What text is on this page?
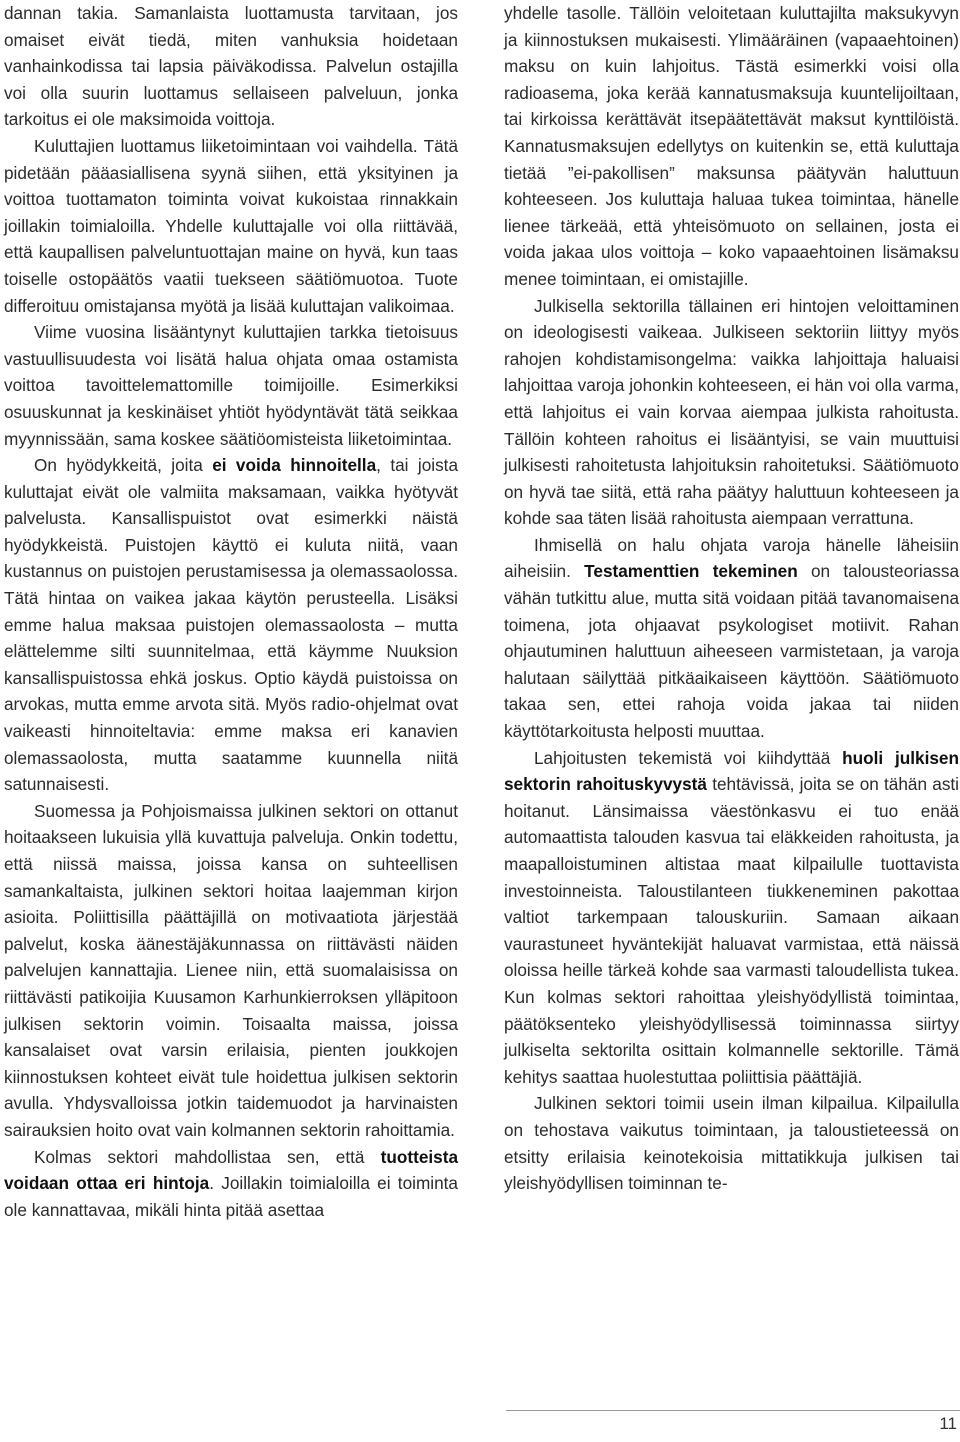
dannan takia. Samanlaista luottamusta tarvitaan, jos omaiset eivät tiedä, miten vanhuksia hoidetaan vanhainkodissa tai lapsia päiväkodissa. Palvelun ostajilla voi olla suurin luottamus sellaiseen palveluun, jonka tarkoitus ei ole maksimoida voittoja.

Kuluttajien luottamus liiketoimintaan voi vaihdella. Tätä pidetään pääasiallisena syynä siihen, että yksityinen ja voittoa tuottamaton toiminta voivat kukoistaa rinnakkain joillakin toimialoilla. Yhdelle kuluttajalle voi olla riittävää, että kaupallisen palveluntuottajan maine on hyvä, kun taas toiselle ostopäätös vaatii tuekseen säätiömuotoa. Tuote differoituu omistajansa myötä ja lisää kuluttajan valikoimaa.

Viime vuosina lisääntynyt kuluttajien tarkka tietoisuus vastuullisuudesta voi lisätä halua ohjata omaa ostamista voittoa tavoittelemattomille toimijoille. Esimerkiksi osuuskunnat ja keskinäiset yhtiöt hyödyntävät tätä seikkaa myynnissään, sama koskee säätiöomisteista liiketoimintaa.

On hyödykkeitä, joita ei voida hinnoitella, tai joista kuluttajat eivät ole valmiita maksamaan, vaikka hyötyvät palvelusta. Kansallispuistot ovat esimerkki näistä hyödykkeistä. Puistojen käyttö ei kuluta niitä, vaan kustannus on puistojen perustamisessa ja olemassaolossa. Tätä hintaa on vaikea jakaa käytön perusteella. Lisäksi emme halua maksaa puistojen olemassaolosta – mutta elättelemme silti suunnitelmaa, että käymme Nuuksion kansallispuistossa ehkä joskus. Optio käydä puistoissa on arvokas, mutta emme arvota sitä. Myös radio-ohjelmat ovat vaikeasti hinnoiteltavia: emme maksa eri kanavien olemassaolosta, mutta saatamme kuunnella niitä satunnaisesti.

Suomessa ja Pohjoismaissa julkinen sektori on ottanut hoitaakseen lukuisia yllä kuvattuja palveluja. Onkin todettu, että niissä maissa, joissa kansa on suhteellisen samankaltaista, julkinen sektori hoitaa laajemman kirjon asioita. Poliittisilla päättäjillä on motivaatiota järjestää palvelut, koska äänestäjäkunnassa on riittävästi näiden palvelujen kannattajia. Lienee niin, että suomalaisissa on riittävästi patikoijia Kuusamon Karhunkierroksen ylläpitoon julkisen sektorin voimin. Toisaalta maissa, joissa kansalaiset ovat varsin erilaisia, pienten joukkojen kiinnostuksen kohteet eivät tule hoidettua julkisen sektorin avulla. Yhdysvalloissa jotkin taidemuodot ja harvinaisten sairauksien hoito ovat vain kolmannen sektorin rahoittamia.

Kolmas sektori mahdollistaa sen, että tuotteista voidaan ottaa eri hintoja. Joillakin toimialoilla ei toiminta ole kannattavaa, mikäli hinta pitää asettaa

yhdelle tasolle. Tällöin veloitetaan kuluttajilta maksukyvyn ja kiinnostuksen mukaisesti. Ylimääräinen (vapaaehtoinen) maksu on kuin lahjoitus. Tästä esimerkki voisi olla radioasema, joka kerää kannatusmaksuja kuuntelijoiltaan, tai kirkoissa kerättävät itsepäätettävät maksut kynttilöistä. Kannatusmaksujen edellytys on kuitenkin se, että kuluttaja tietää ”ei-pakollisen” maksunsa päätyvän haluttuun kohteeseen. Jos kuluttaja haluaa tukea toimintaa, hänelle lienee tärkeää, että yhteisömuoto on sellainen, josta ei voida jakaa ulos voittoja – koko vapaaehtoinen lisämaksu menee toimintaan, ei omistajille.

Julkisella sektorilla tällainen eri hintojen veloittaminen on ideologisesti vaikeaa. Julkiseen sektoriin liittyy myös rahojen kohdistamisongelma: vaikka lahjoittaja haluaisi lahjoittaa varoja johonkin kohteeseen, ei hän voi olla varma, että lahjoitus ei vain korvaa aiempaa julkista rahoitusta. Tällöin kohteen rahoitus ei lisääntyisi, se vain muuttuisi julkisesti rahoitetusta lahjoituksin rahoitetuksi. Säätiömuoto on hyvä tae siitä, että raha päätyy haluttuun kohteeseen ja kohde saa täten lisää rahoitusta aiempaan verrattuna.

Ihmisellä on halu ohjata varoja hänelle läheisiin aiheisiin. Testamenttien tekeminen on talousteoriassa vähän tutkittu alue, mutta sitä voidaan pitää tavanomaisena toimena, jota ohjaavat psykologiset motiivit. Rahan ohjautuminen haluttuun aiheeseen varmistetaan, ja varoja halutaan säilyttää pitkäaikaiseen käyttöön. Säätiömuoto takaa sen, ettei rahoja voida jakaa tai niiden käyttötarkoitusta helposti muuttaa.

Lahjoitusten tekemistä voi kiihdyttää huoli julkisen sektorin rahoituskyvystä tehtävissä, joita se on tähän asti hoitanut. Länsimaissa väestönkasvu ei tuo enää automaattista talouden kasvua tai eläkkeiden rahoitusta, ja maapalloistuminen altistaa maat kilpailulle tuottavista investoinneista. Taloustilanteen tiukkeneminen pakottaa valtiot tarkempaan talouskuriin. Samaan aikaan vaurastuneet hyväntekijät haluavat varmistaa, että näissä oloissa heille tärkeä kohde saa varmasti taloudellista tukea. Kun kolmas sektori rahoittaa yleishyödyllistä toimintaa, päätöksenteko yleishyödyllisessä toiminnassa siirtyy julkiselta sektorilta osittain kolmannelle sektorille. Tämä kehitys saattaa huolestuttaa poliittisia päättäjiä.

Julkinen sektori toimii usein ilman kilpailua. Kilpailulla on tehostava vaikutus toimintaan, ja taloustieteessä on etsitty erilaisia keinotekoisia mittatikkuja julkisen tai yleishyödyllisen toiminnan te-

11
